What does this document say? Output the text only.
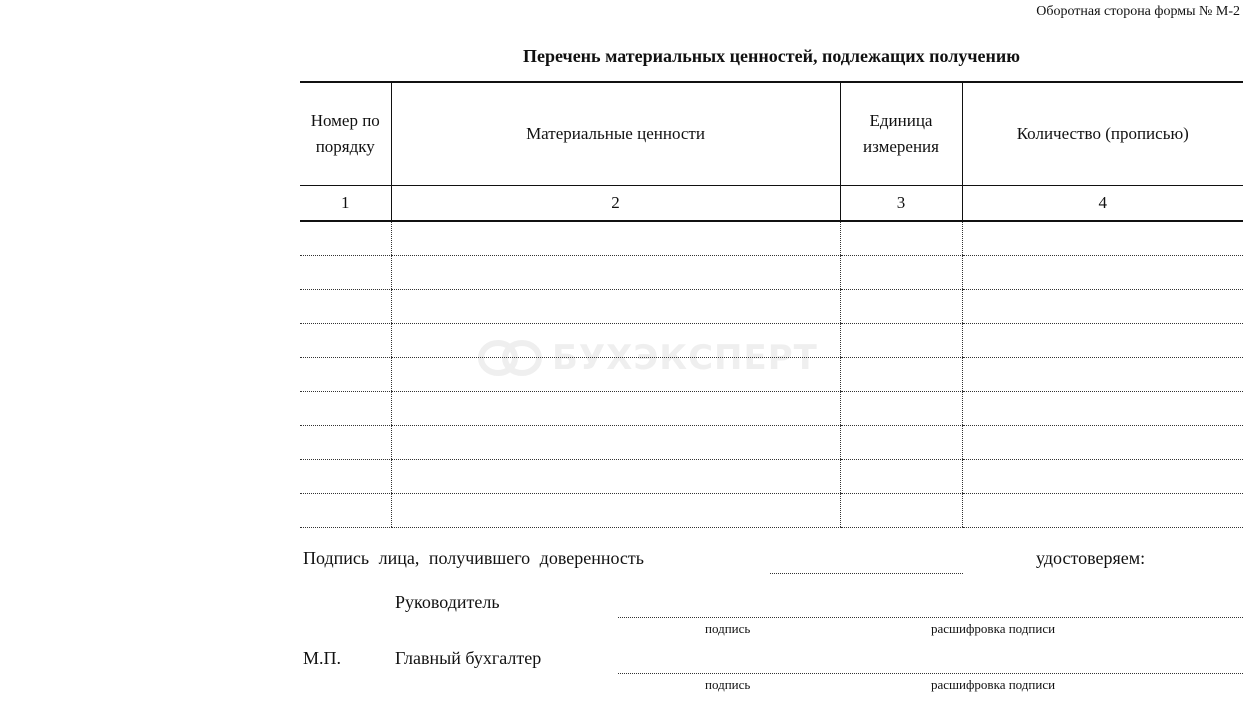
Оборотная сторона формы № М-2
Перечень материальных ценностей, подлежащих получению
Номер по порядку	Материальные ценности	Единица измерения	Количество (прописью)
1	2	3	4

БУХЭКСПЕРТ
Подпись лица, получившего доверенность	удостоверяем:
Руководитель
подпись	расшифровка подписи
М.П.	Главный бухгалтер
подпись	расшифровка подписи
